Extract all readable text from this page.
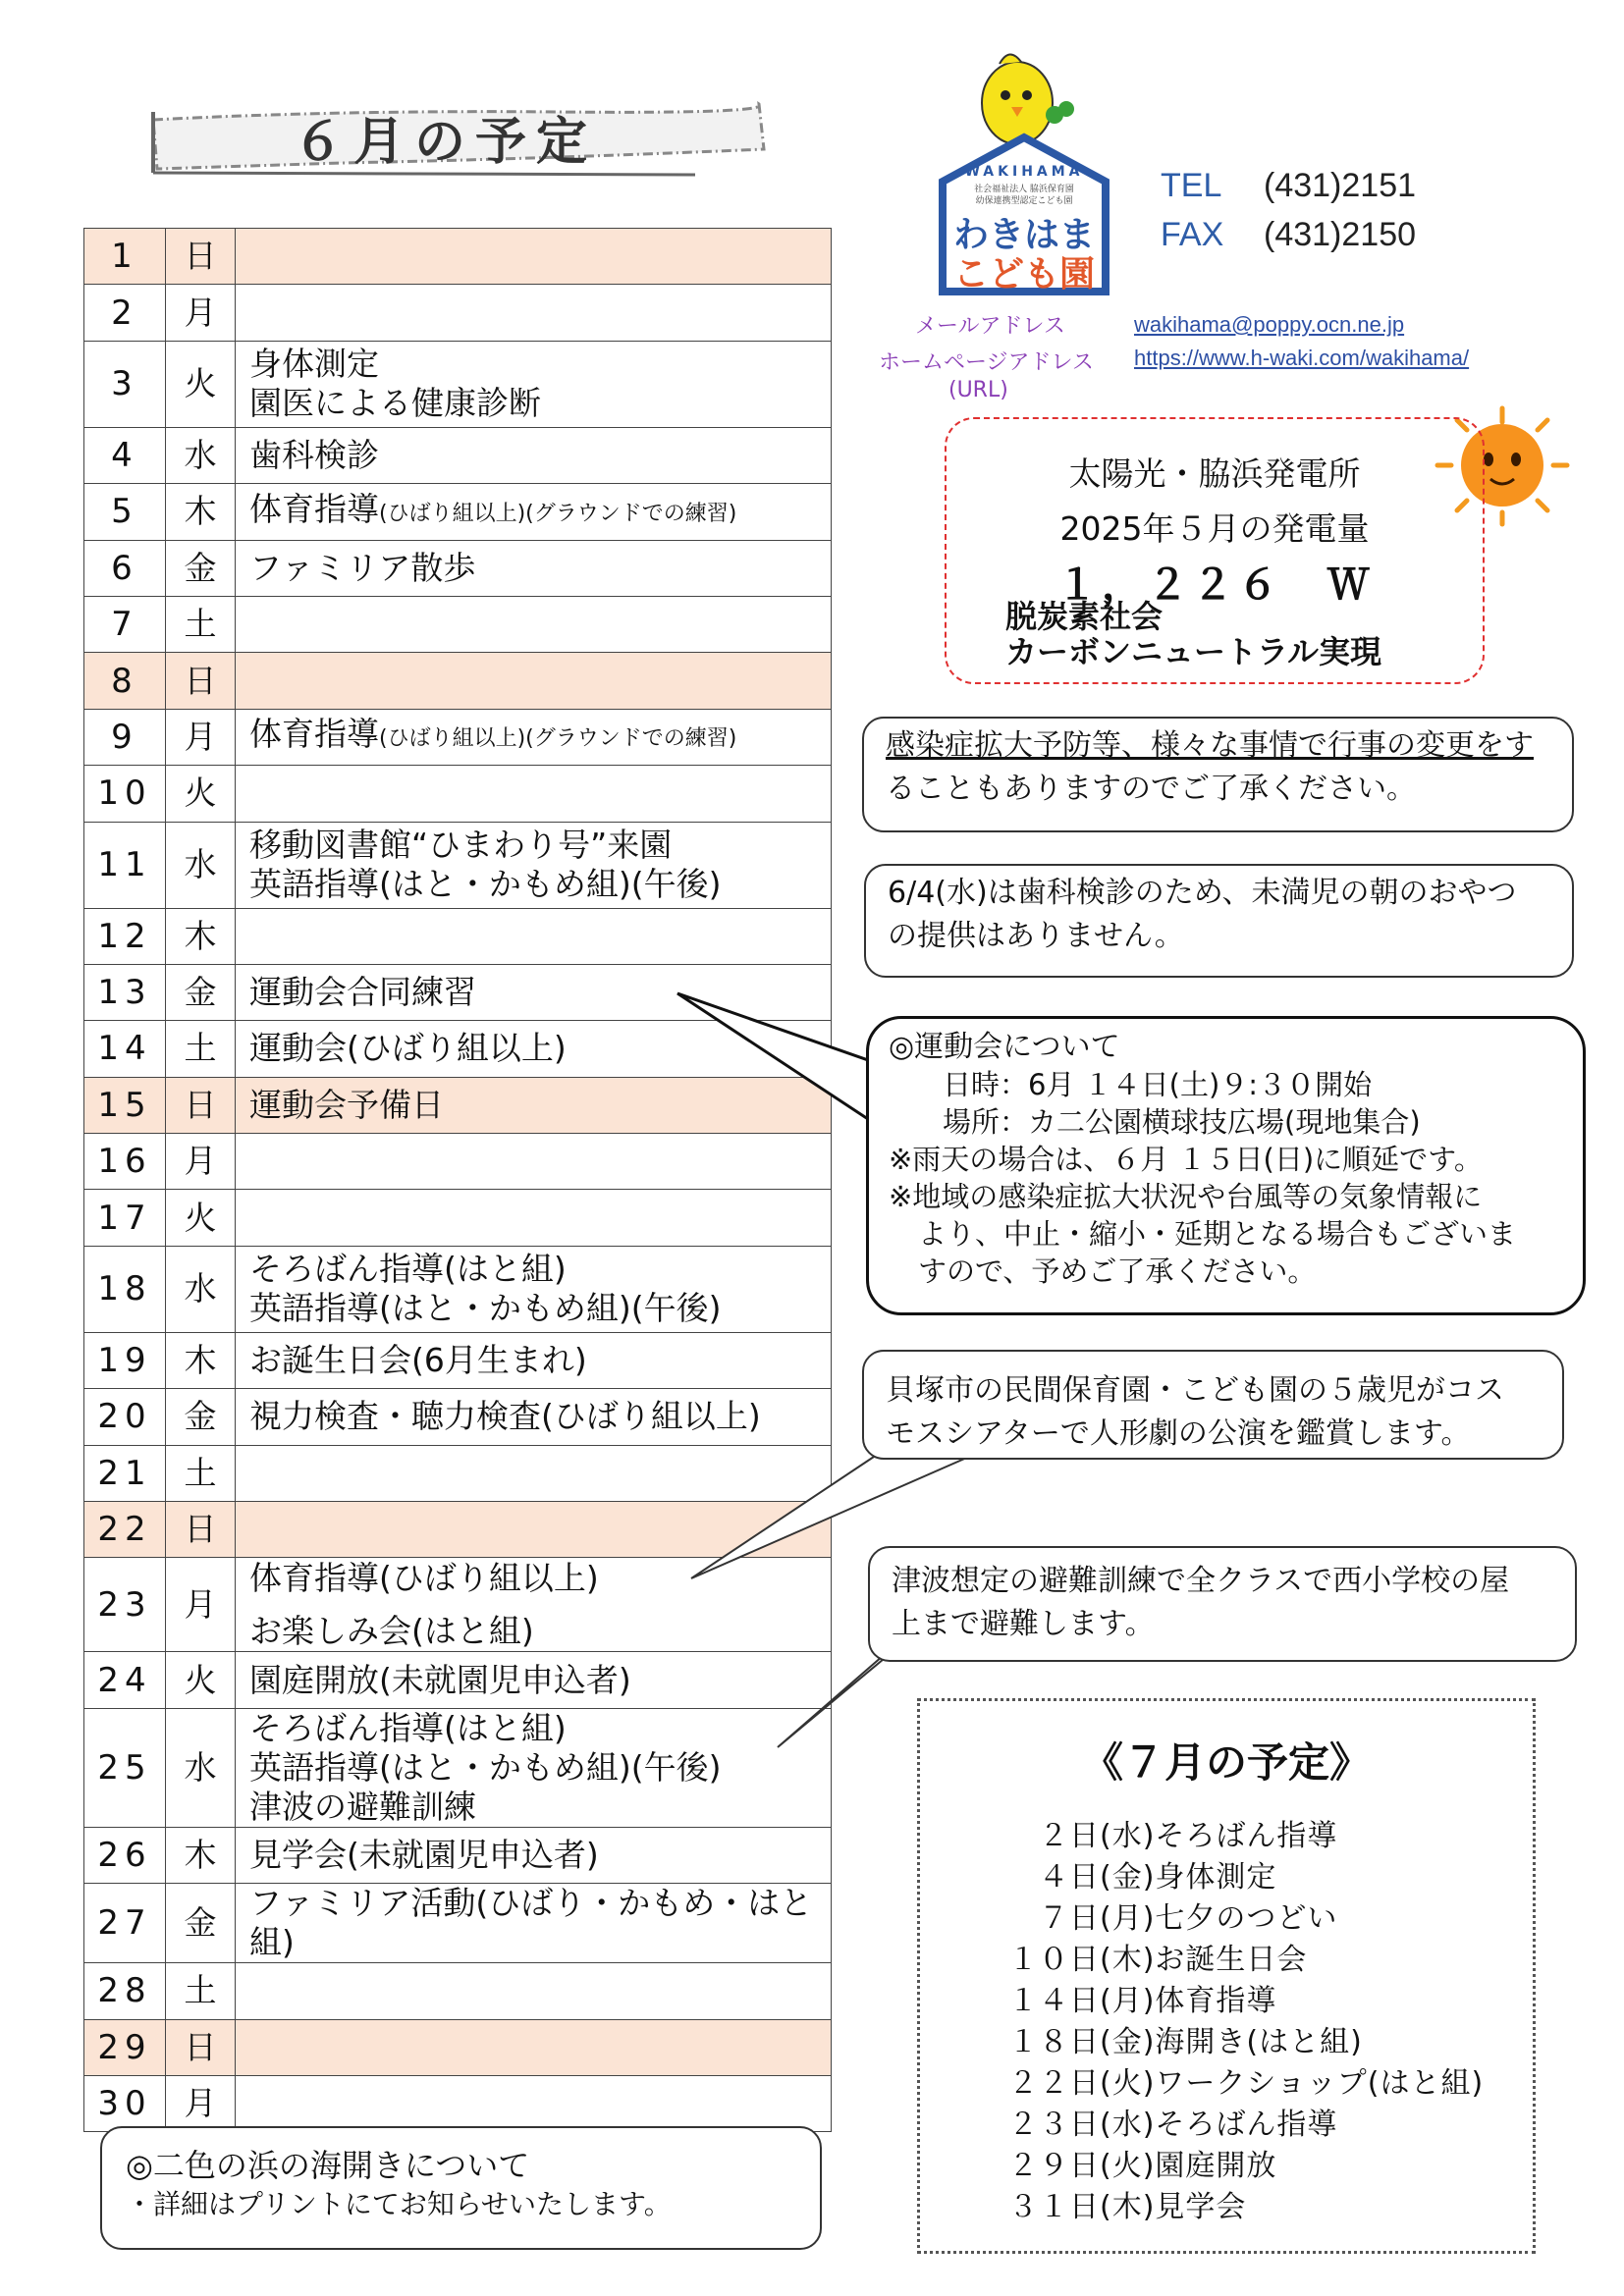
６月の予定
1	日	
2	月	
3	火	身体測定
園医による健康診断

4	水	歯科検診

5	木	体育指導(ひばり組以上)(グラウンドでの練習)

6	金	ファミリア散歩

7	土	
8	日	
9	月	体育指導(ひばり組以上)(グラウンドでの練習)

10	火	
11	水	移動図書館“ひまわり号”来園
英語指導(はと・かもめ組)(午後)

12	木	
13	金	運動会合同練習

14	土	運動会(ひばり組以上)

15	日	運動会予備日

16	月	
17	火	
18	水	そろばん指導(はと組)
英語指導(はと・かもめ組)(午後)

19	木	お誕生日会(6月生まれ)

20	金	視力検査・聴力検査(ひばり組以上)

21	土	
22	日	
23	月	体育指導(ひばり組以上)
お楽しみ会(はと組)

24	火	園庭開放(未就園児申込者)

25	水	そろばん指導(はと組)
英語指導(はと・かもめ組)(午後)
津波の避難訓練

26	木	見学会(未就園児申込者)

27	金	ファミリア活動(ひばり・かもめ・はと組)

28	土	
29	日	
30	月	
WAKIHAMA
社会福祉法人 脇浜保育園
幼保連携型認定こども園
わきはま
こども園
TEL (431)2151
FAX (431)2150
メールアドレス
ホームページアドレス
(URL)
wakihama@poppy.ocn.ne.jp
https://www.h-waki.com/wakihama/
太陽光・脇浜発電所
2025年５月の発電量
１，２２６　Ｗ
脱炭素社会
カーボンニュートラル実現
感染症拡大予防等、様々な事情で行事の変更をす
ることもありますのでご了承ください。
6/4(水)は歯科検診のため、未満児の朝のおやつ
の提供はありません。
◎運動会について
日時：6月 １４日(土)９:３０開始
場所：カ二公園横球技広場(現地集合)
※雨天の場合は、６月 １５日(日)に順延です。
※地域の感染症拡大状況や台風等の気象情報に
より、中止・縮小・延期となる場合もございま
すので、予めご了承ください。
貝塚市の民間保育園・こども園の５歳児がコス
モスシアターで人形劇の公演を鑑賞します。
津波想定の避難訓練で全クラスで西小学校の屋
上まで避難します。
《７月の予定》
　２日(水)そろばん指導
　４日(金)身体測定
　７日(月)七夕のつどい
１０日(木)お誕生日会
１４日(月)体育指導
１８日(金)海開き(はと組)
２２日(火)ワークショップ(はと組)
２３日(水)そろばん指導
２９日(火)園庭開放
３１日(木)見学会
◎二色の浜の海開きについて
・詳細はプリントにてお知らせいたします。
